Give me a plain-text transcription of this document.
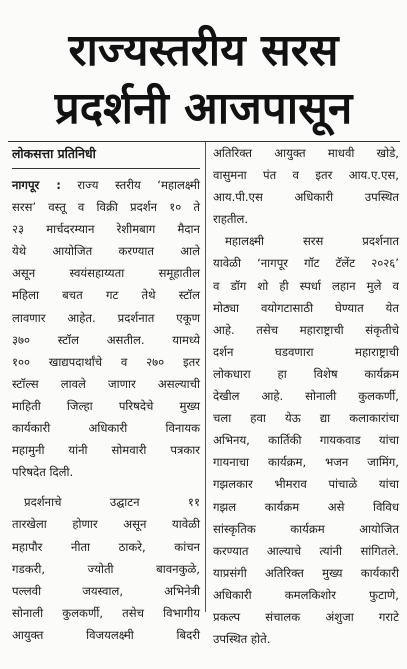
राज्यस्तरीय सरस
प्रदर्शनी आजपासून

लोकसत्ता प्रतिनिधी

नागपूर : राज्य स्तरीय ‘महालक्ष्मी
सरस’ वस्तू व विक्री प्रदर्शन १० ते
२३ मार्चदरम्यान रेशीमबाग मैदान
येथे आयोजित करण्यात आले
असून स्वयंसहाय्यता समूहातील
महिला बचत गट तेथे स्टॉल
लावणार आहेत. प्रदर्शनात एकूण
३७० स्टॉल असतील. यामध्ये
१०० खाद्यपदार्थांचे व २७० इतर
स्टॉल्स लावले जाणार असल्याची
माहिती जिल्हा परिषदेचे मुख्य
कार्यकारी अधिकारी विनायक
महामुनी यांनी सोमवारी पत्रकार
परिषदेत दिली.
प्रदर्शनाचे उद्घाटन ११
तारखेला होणार असून यावेळी
महापौर नीता ठाकरे, कांचन
गडकरी, ज्योती बावनकुळे,
पल्लवी जयस्वाल, अभिनेत्री
सोनाली कुलकर्णी, तसेच विभागीय
आयुक्त विजयलक्ष्मी बिदरी
अतिरिक्त आयुक्त माधवी खोडे,
वासुमना पंत व इतर आय.ए.एस,
आय.पी.एस अधिकारी उपस्थित
राहतील.
महालक्ष्मी सरस प्रदर्शनात
यावेळी ‘नागपूर गॉट टॅलेंट २०२६’
व डॉग शो ही स्पर्धा लहान मुले व
मोठ्या वयोगटासाठी घेण्यात येत
आहे. तसेच महाराष्ट्राची संकृतीचे
दर्शन घडवणारा महाराष्ट्राची
लोकधारा हा विशेष कार्यक्रम
देखील आहे. सोनाली कुलकर्णी,
चला हवा येऊ द्या कलाकारांचा
अभिनय, कार्तिकी गायकवाड यांचा
गायनाचा कार्यक्रम, भजन जामिंग,
गझलकार भीमराव पांचाळे यांचा
गझल कार्यक्रम असे विविध
सांस्कृतिक कार्यक्रम आयोजित
करण्यात आल्याचे त्यांनी सांगितले.
याप्रसंगी अतिरिक्त मुख्य कार्यकारी
अधिकारी कमलकिशोर फुटाणे,
प्रकल्प संचालक अंशुजा गराटे
उपस्थित होते.
